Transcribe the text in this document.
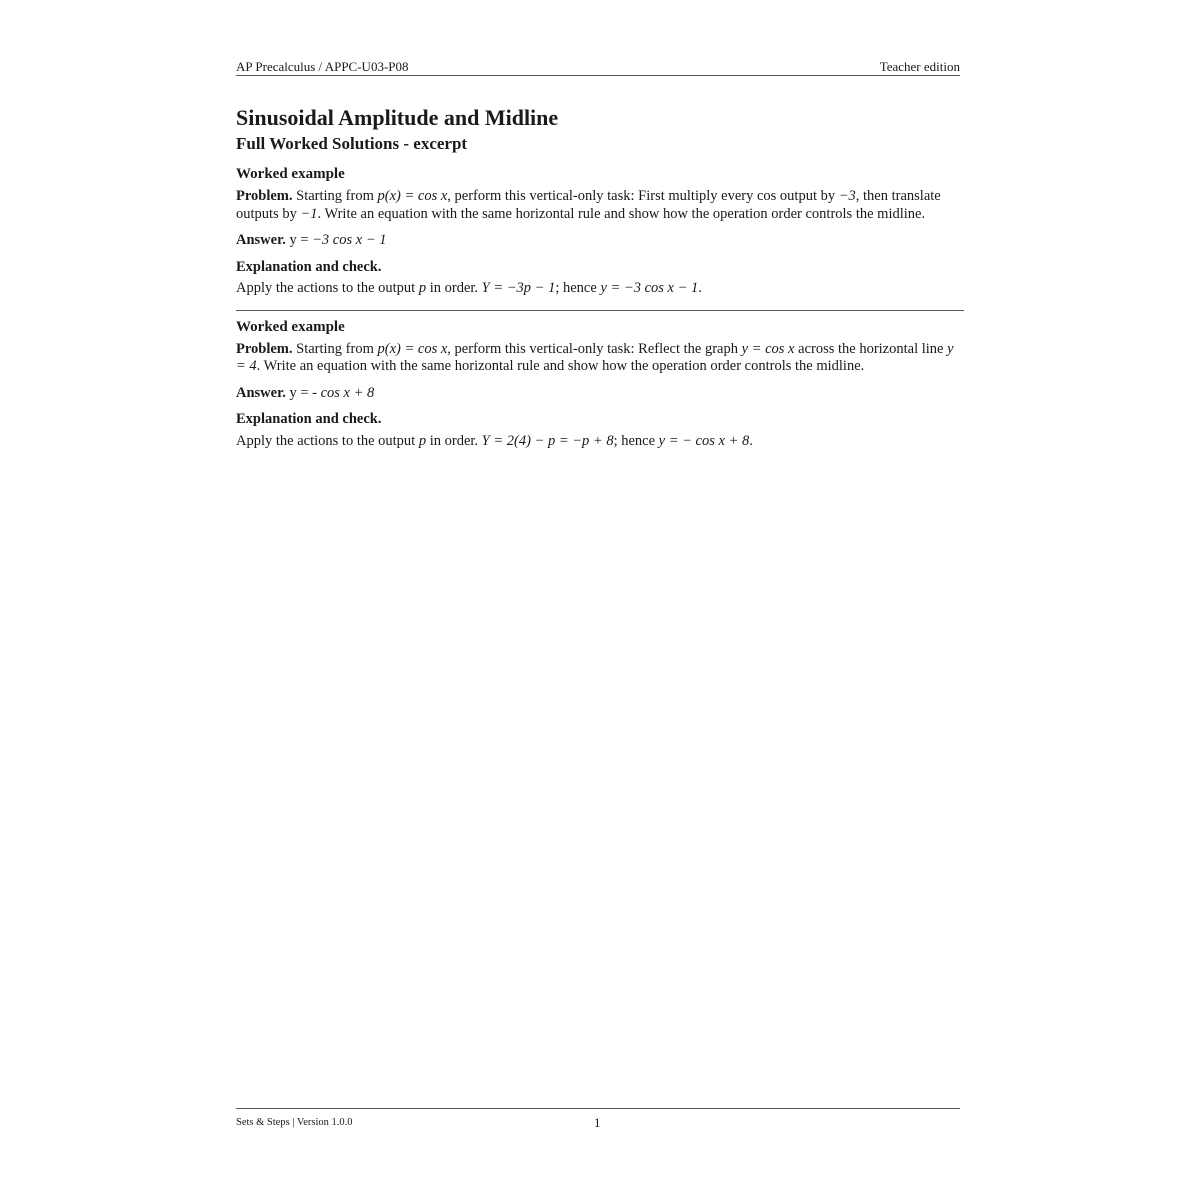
AP Precalculus / APPC-U03-P08	Teacher edition
Sinusoidal Amplitude and Midline
Full Worked Solutions - excerpt
Worked example

Problem. Starting from p(x) = cos x, perform this vertical-only task: First multiply every cos output by −3, then translate outputs by −1. Write an equation with the same horizontal rule and show how the operation order controls the midline.

Answer. y = −3 cos x − 1

Explanation and check.

Apply the actions to the output p in order. Y = −3p − 1; hence y = −3 cos x − 1.

Worked example

Problem. Starting from p(x) = cos x, perform this vertical-only task: Reflect the graph y = cos x across the horizontal line y = 4. Write an equation with the same horizontal rule and show how the operation order controls the midline.

Answer. y = - cos x + 8

Explanation and check.

Apply the actions to the output p in order. Y = 2(4) − p = −p + 8; hence y = − cos x + 8.

Sets & Steps | Version 1.0.0	1
